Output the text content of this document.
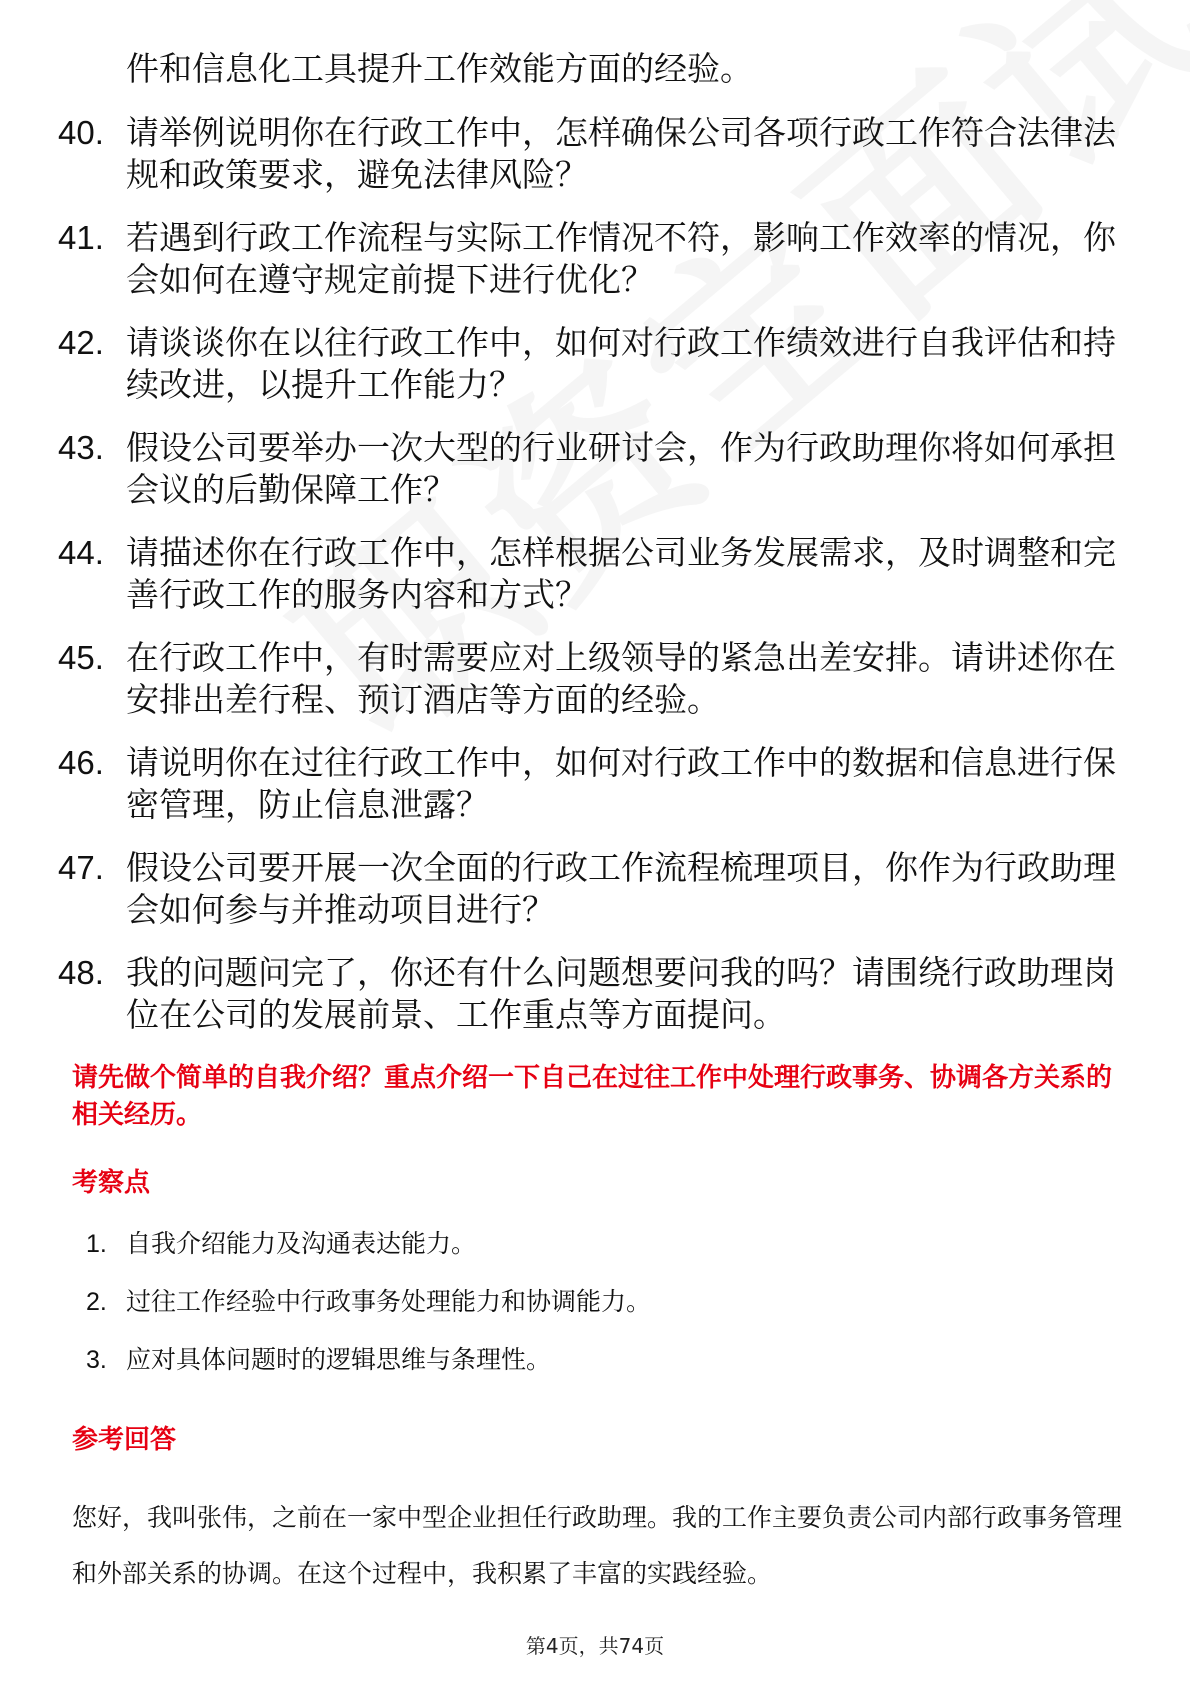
件和信息化工具提升工作效能方面的经验。
40. 请举例说明你在行政工作中，怎样确保公司各项行政工作符合法律法规和政策要求，避免法律风险？
41. 若遇到行政工作流程与实际工作情况不符，影响工作效率的情况，你会如何在遵守规定前提下进行优化？
42. 请谈谈你在以往行政工作中，如何对行政工作绩效进行自我评估和持续改进，以提升工作能力？
43. 假设公司要举办一次大型的行业研讨会，作为行政助理你将如何承担会议的后勤保障工作？
44. 请描述你在行政工作中，怎样根据公司业务发展需求，及时调整和完善行政工作的服务内容和方式？
45. 在行政工作中，有时需要应对上级领导的紧急出差安排。请讲述你在安排出差行程、预订酒店等方面的经验。
46. 请说明你在过往行政工作中，如何对行政工作中的数据和信息进行保密管理，防止信息泄露？
47. 假设公司要开展一次全面的行政工作流程梳理项目，你作为行政助理会如何参与并推动项目进行？
48. 我的问题问完了，你还有什么问题想要问我的吗？请围绕行政助理岗位在公司的发展前景、工作重点等方面提问。
请先做个简单的自我介绍？重点介绍一下自己在过往工作中处理行政事务、协调各方关系的相关经历。
考察点
1. 自我介绍能力及沟通表达能力。
2. 过往工作经验中行政事务处理能力和协调能力。
3. 应对具体问题时的逻辑思维与条理性。
参考回答
您好，我叫张伟，之前在一家中型企业担任行政助理。我的工作主要负责公司内部行政事务管理和外部关系的协调。在这个过程中，我积累了丰富的实践经验。
第4页，共74页
